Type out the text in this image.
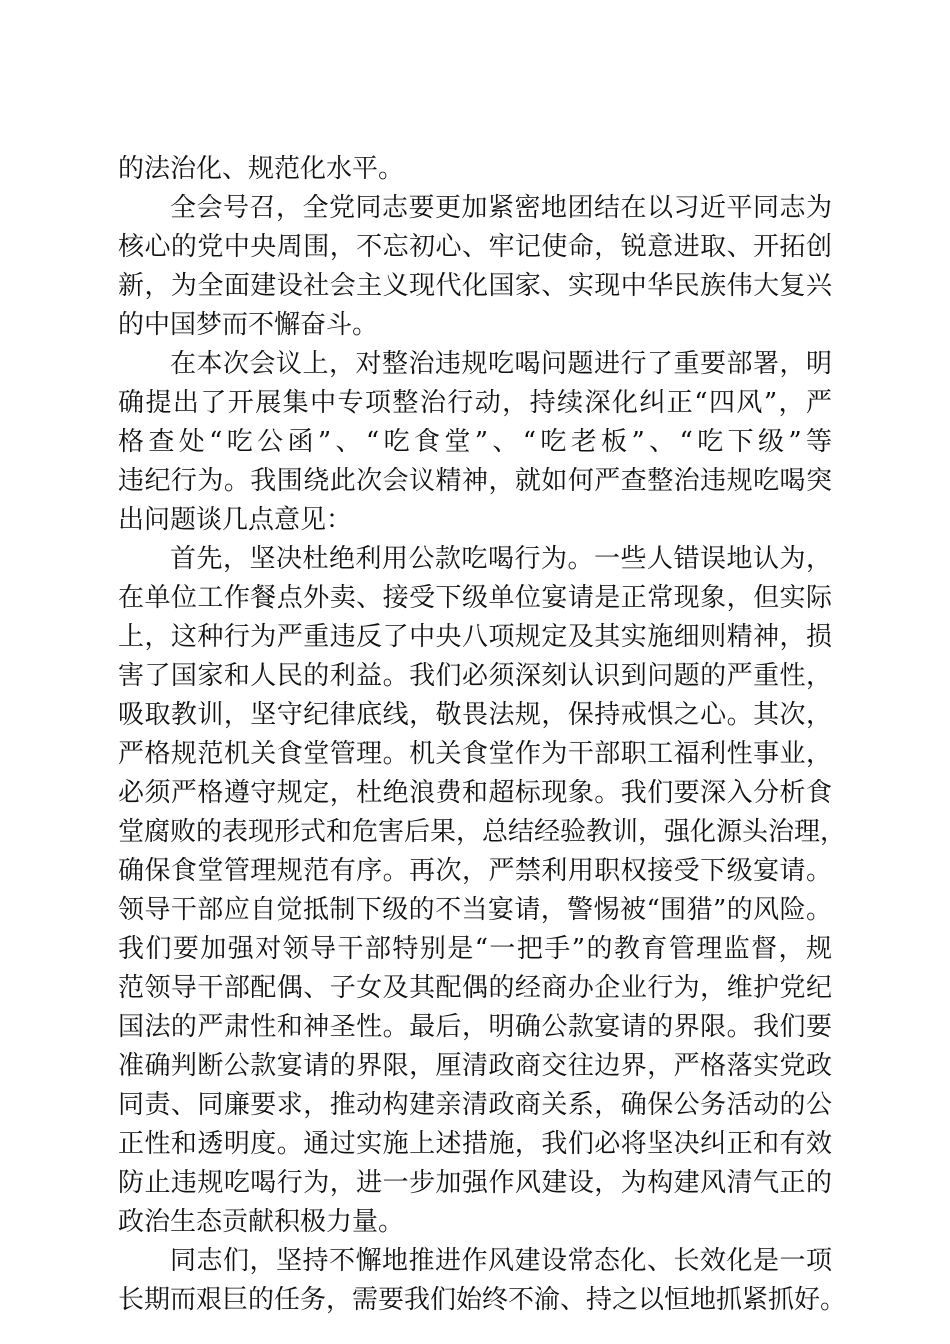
的法治化、规范化水平。
全会号召，全党同志要更加紧密地团结在以习近平同志为
核心的党中央周围，不忘初心、牢记使命，锐意进取、开拓创
新，为全面建设社会主义现代化国家、实现中华民族伟大复兴
的中国梦而不懈奋斗。
在本次会议上，对整治违规吃喝问题进行了重要部署，明
确提出了开展集中专项整治行动，持续深化纠正“四风”，严
格查处“吃公函”、“吃食堂”、“吃老板”、“吃下级”等
违纪行为。我围绕此次会议精神，就如何严查整治违规吃喝突
出问题谈几点意见：
首先，坚决杜绝利用公款吃喝行为。一些人错误地认为，
在单位工作餐点外卖、接受下级单位宴请是正常现象，但实际
上，这种行为严重违反了中央八项规定及其实施细则精神，损
害了国家和人民的利益。我们必须深刻认识到问题的严重性，
吸取教训，坚守纪律底线，敬畏法规，保持戒惧之心。其次，
严格规范机关食堂管理。机关食堂作为干部职工福利性事业，
必须严格遵守规定，杜绝浪费和超标现象。我们要深入分析食
堂腐败的表现形式和危害后果，总结经验教训，强化源头治理，
确保食堂管理规范有序。再次，严禁利用职权接受下级宴请。
领导干部应自觉抵制下级的不当宴请，警惕被“围猎”的风险。
我们要加强对领导干部特别是“一把手”的教育管理监督，规
范领导干部配偶、子女及其配偶的经商办企业行为，维护党纪
国法的严肃性和神圣性。最后，明确公款宴请的界限。我们要
准确判断公款宴请的界限，厘清政商交往边界，严格落实党政
同责、同廉要求，推动构建亲清政商关系，确保公务活动的公
正性和透明度。通过实施上述措施，我们必将坚决纠正和有效
防止违规吃喝行为，进一步加强作风建设，为构建风清气正的
政治生态贡献积极力量。
同志们，坚持不懈地推进作风建设常态化、长效化是一项
长期而艰巨的任务，需要我们始终不渝、持之以恒地抓紧抓好。
